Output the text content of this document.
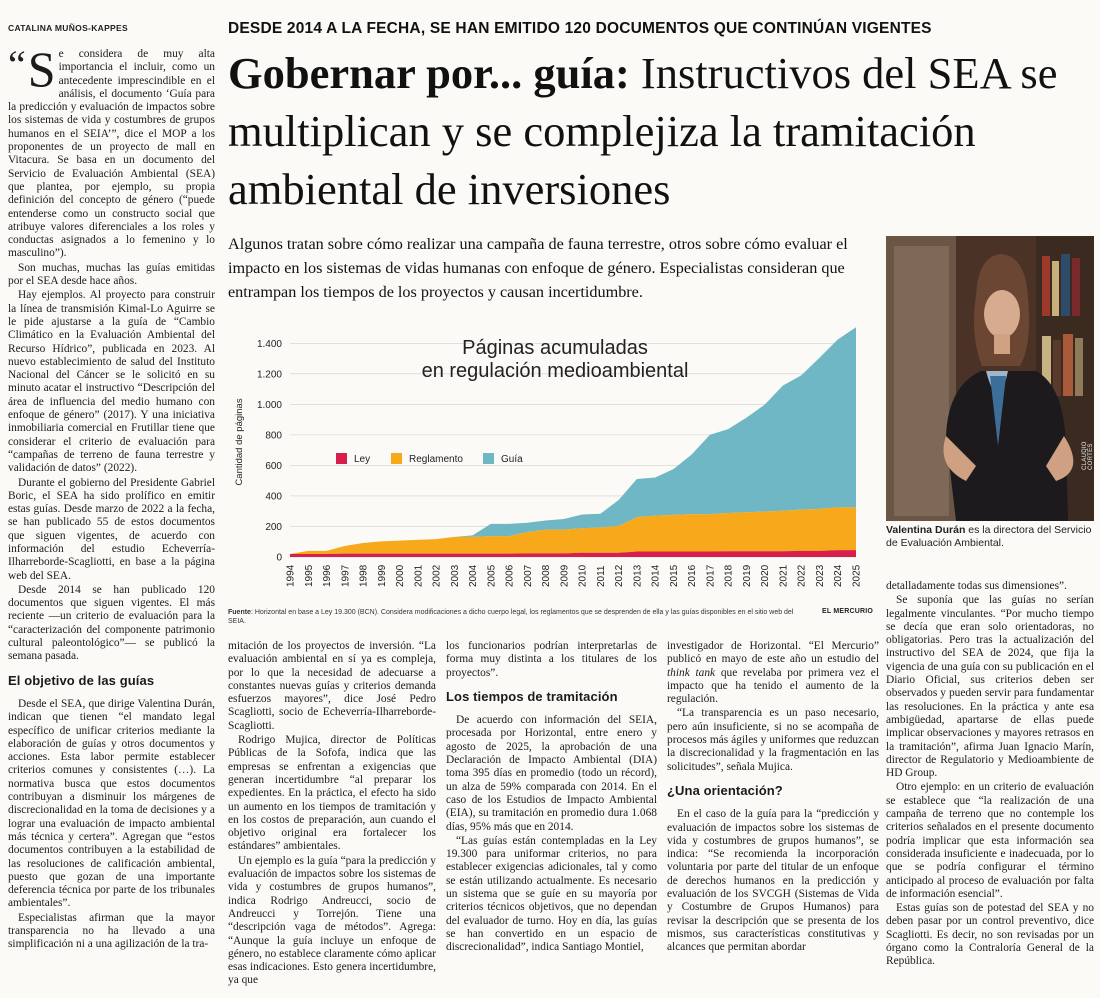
CATALINA MUÑOS-KAPPES	DESDE 2014 A LA FECHA, SE HAN EMITIDO 120 DOCUMENTOS QUE CONTINÚAN VIGENTES
Gobernar por... guía: Instructivos del SEA se multiplican y se complejiza la tramitación ambiental de inversiones
Algunos tratan sobre cómo realizar una campaña de fauna terrestre, otros sobre cómo evaluar el impacto en los sistemas de vidas humanas con enfoque de género. Especialistas consideran que entrampan los tiempos de los proyectos y causan incertidumbre.

“ S e considera de muy alta importancia el incluir, como un antecedente imprescindible en el análisis, el documento ‘Guía para la predicción y evaluación de impactos sobre los sistemas de vida y costumbres de grupos humanos en el SEIA’”, dice el MOP a los proponentes de un proyecto de mall en Vitacura. Se basa en un documento del Servicio de Evaluación Ambiental (SEA) que plantea, por ejemplo, su propia definición del concepto de género (“puede entenderse como un constructo social que atribuye valores diferenciales a los roles y conductas asignados a lo femenino y lo masculino”).

Son muchas, muchas las guías emitidas por el SEA desde hace años.

Hay ejemplos. Al proyecto para construir la línea de transmisión Kimal-Lo Aguirre se le pide ajustarse a la guía de “Cambio Climático en la Evaluación Ambiental del Recurso Hídrico”, publicada en 2023. Al nuevo establecimiento de salud del Instituto Nacional del Cáncer se le solicitó en su minuto acatar el instructivo “Descripción del área de influencia del medio humano con enfoque de género” (2017). Y una iniciativa inmobiliaria comercial en Frutillar tiene que considerar el criterio de evaluación para “campañas de terreno de fauna terrestre y validación de datos” (2022).

Durante el gobierno del Presidente Gabriel Boric, el SEA ha sido prolífico en emitir estas guías. Desde marzo de 2022 a la fecha, se han publicado 55 de estos documentos que siguen vigentes, de acuerdo con información del estudio Echeverría-Ilharreborde-Scagliotti, en base a la página web del SEA.

Desde 2014 se han publicado 120 documentos que siguen vigentes. El más reciente —un criterio de evaluación para la “caracterización del componente patrimonio cultural paleontológico”— se publicó la semana pasada.

El objetivo de las guías

Desde el SEA, que dirige Valentina Durán, indican que tienen “el mandato legal específico de unificar criterios mediante la elaboración de guías y otros documentos y acciones. Esta labor permite establecer criterios comunes y consistentes (…). La normativa busca que estos documentos contribuyan a disminuir los márgenes de discrecionalidad en la toma de decisiones y a lograr una evaluación de impacto ambiental más técnica y certera”. Agregan que “estos documentos contribuyen a la estabilidad de las resoluciones de calificación ambiental, puesto que gozan de una importante deferencia técnica por parte de los tribunales ambientales”.

Especialistas afirman que la mayor transparencia no ha llevado a una simplificación ni a una agilización de la tra-

0
200
400
600
800
1.000
1.200
1.400
1994 1995 1996 1997 1998 1999 2000 2001 2002 2003 2004 2005 2006 2007 2008 2009 2010 2011 2012 2013 2014 2015 2016 2017 2018 2019 2020 2021 2022 2023 2024 2025
Cantidad de páginas
Páginas acumuladas
en regulación medioambiental
Ley	Reglamento	Guía
Fuente: Horizontal en base a Ley 19.300 (BCN). Considera modificaciones a dicho cuerpo legal, los reglamentos que se desprenden de ella y las guías disponibles en el sitio web del SEIA.
EL MERCURIO
CLAUDIO CORTÉS
Valentina Durán es la directora del Servicio de Evaluación Ambiental.

mitación de los proyectos de inversión. “La evaluación ambiental en sí ya es compleja, por lo que la necesidad de adecuarse a constantes nuevas guías y criterios demanda esfuerzos mayores”, dice José Pedro Scagliotti, socio de Echeverría-Ilharreborde-Scagliotti.

Rodrigo Mujica, director de Políticas Públicas de la Sofofa, indica que las empresas se enfrentan a exigencias que generan incertidumbre “al preparar los expedientes. En la práctica, el efecto ha sido un aumento en los tiempos de tramitación y en los costos de preparación, aun cuando el objetivo original era fortalecer los estándares” ambientales.

Un ejemplo es la guía “para la predicción y evaluación de impactos sobre los sistemas de vida y costumbres de grupos humanos”, indica Rodrigo Andreucci, socio de Andreucci y Torrejón. Tiene una “descripción vaga de métodos”. Agrega: “Aunque la guía incluye un enfoque de género, no establece claramente cómo aplicar esas indicaciones. Esto genera incertidumbre, ya que

los funcionarios podrían interpretarlas de forma muy distinta a los titulares de los proyectos”.

Los tiempos de tramitación

De acuerdo con información del SEIA, procesada por Horizontal, entre enero y agosto de 2025, la aprobación de una Declaración de Impacto Ambiental (DIA) toma 395 días en promedio (todo un récord), un alza de 59% comparada con 2014. En el caso de los Estudios de Impacto Ambiental (EIA), su tramitación en promedio dura 1.068 días, 95% más que en 2014.

“Las guías están contempladas en la Ley 19.300 para uniformar criterios, no para establecer exigencias adicionales, tal y como se están utilizando actualmente. Es necesario un sistema que se guíe en su mayoría por criterios técnicos objetivos, que no dependan del evaluador de turno. Hoy en día, las guías se han convertido en un espacio de discrecionalidad”, indica Santiago Montiel,

investigador de Horizontal. “El Mercurio” publicó en mayo de este año un estudio del think tank que revelaba por primera vez el impacto que ha tenido el aumento de la regulación.

“La transparencia es un paso necesario, pero aún insuficiente, si no se acompaña de procesos más ágiles y uniformes que reduzcan la discrecionalidad y la fragmentación en las solicitudes”, señala Mujica.

¿Una orientación?

En el caso de la guía para la “predicción y evaluación de impactos sobre los sistemas de vida y costumbres de grupos humanos”, se indica: “Se recomienda la incorporación voluntaria por parte del titular de un enfoque de derechos humanos en la predicción y evaluación de los SVCGH (Sistemas de Vida y Costumbre de Grupos Humanos) para revisar la descripción que se presenta de los mismos, sus características constitutivas y alcances que permitan abordar

detalladamente todas sus dimensiones”.

Se suponía que las guías no serían legalmente vinculantes. “Por mucho tiempo se decía que eran solo orientadoras, no obligatorias. Pero tras la actualización del instructivo del SEA de 2024, que fija la vigencia de una guía con su publicación en el Diario Oficial, sus criterios deben ser observados y pueden servir para fundamentar las resoluciones. En la práctica y ante esa ambigüedad, apartarse de ellas puede implicar observaciones y mayores retrasos en la tramitación”, afirma Juan Ignacio Marín, director de Regulatorio y Medioambiente de HD Group.

Otro ejemplo: en un criterio de evaluación se establece que “la realización de una campaña de terreno que no contemple los criterios señalados en el presente documento podría implicar que esta información sea considerada insuficiente e inadecuada, por lo que se podría configurar el término anticipado al proceso de evaluación por falta de información esencial”.

Estas guías son de potestad del SEA y no deben pasar por un control preventivo, dice Scagliotti. Es decir, no son revisadas por un órgano como la Contraloría General de la República.
